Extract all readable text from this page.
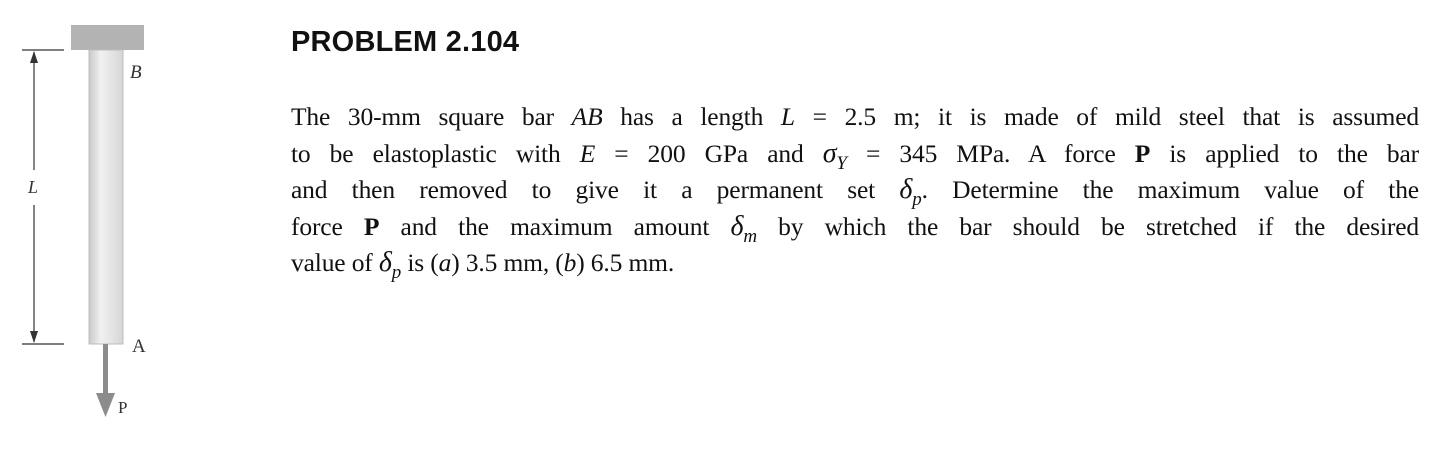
B
L
A
P
PROBLEM 2.104
The 30-mm square bar AB has a length L = 2.5 m; it is made of mild steel that is assumed
to be elastoplastic with E = 200 GPa and $\sigma_Y = 345$ MPa. A force P is applied to the bar
and then removed to give it a permanent set $\delta_p$. Determine the maximum value of the
force P and the maximum amount $\delta_m$ by which the bar should be stretched if the desired
value of $\delta_p$ is (a) 3.5 mm, (b) 6.5 mm.
